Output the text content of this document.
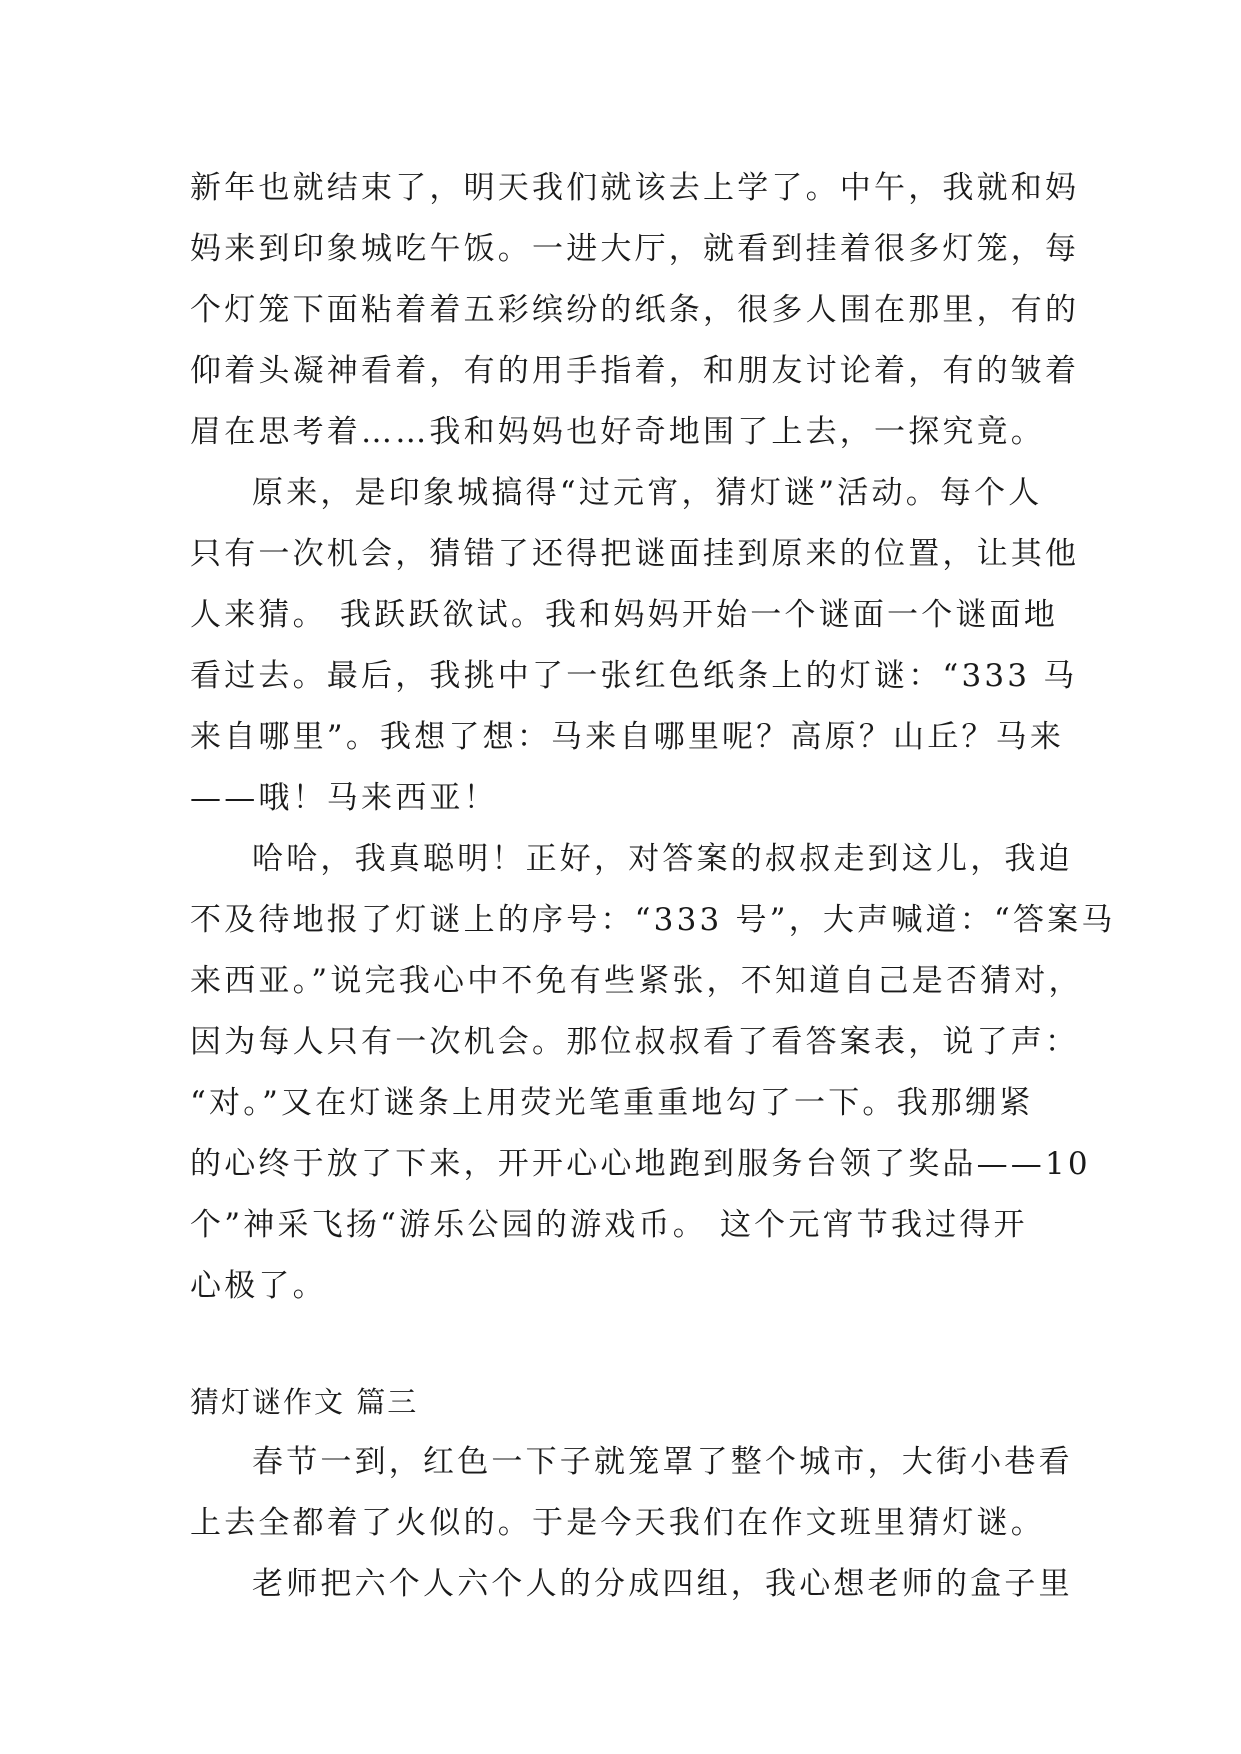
新年也就结束了，明天我们就该去上学了。中午，我就和妈
妈来到印象城吃午饭。一进大厅，就看到挂着很多灯笼，每
个灯笼下面粘着着五彩缤纷的纸条，很多人围在那里，有的
仰着头凝神看着，有的用手指着，和朋友讨论着，有的皱着
眉在思考着……我和妈妈也好奇地围了上去，一探究竟。
原来，是印象城搞得“过元宵，猜灯谜”活动。每个人
只有一次机会，猜错了还得把谜面挂到原来的位置，让其他
人来猜。 我跃跃欲试。我和妈妈开始一个谜面一个谜面地
看过去。最后，我挑中了一张红色纸条上的灯谜：“333 马
来自哪里”。我想了想：马来自哪里呢？高原？山丘？马来
——哦！马来西亚！
哈哈，我真聪明！正好，对答案的叔叔走到这儿，我迫
不及待地报了灯谜上的序号：“333 号”，大声喊道：“答案马
来西亚。”说完我心中不免有些紧张，不知道自己是否猜对，
因为每人只有一次机会。那位叔叔看了看答案表，说了声：
“对。”又在灯谜条上用荧光笔重重地勾了一下。我那绷紧
的心终于放了下来，开开心心地跑到服务台领了奖品——10
个”神采飞扬“游乐公园的游戏币。 这个元宵节我过得开
心极了。
猜灯谜作文 篇三
春节一到，红色一下子就笼罩了整个城市，大街小巷看
上去全都着了火似的。于是今天我们在作文班里猜灯谜。
老师把六个人六个人的分成四组，我心想老师的盒子里
